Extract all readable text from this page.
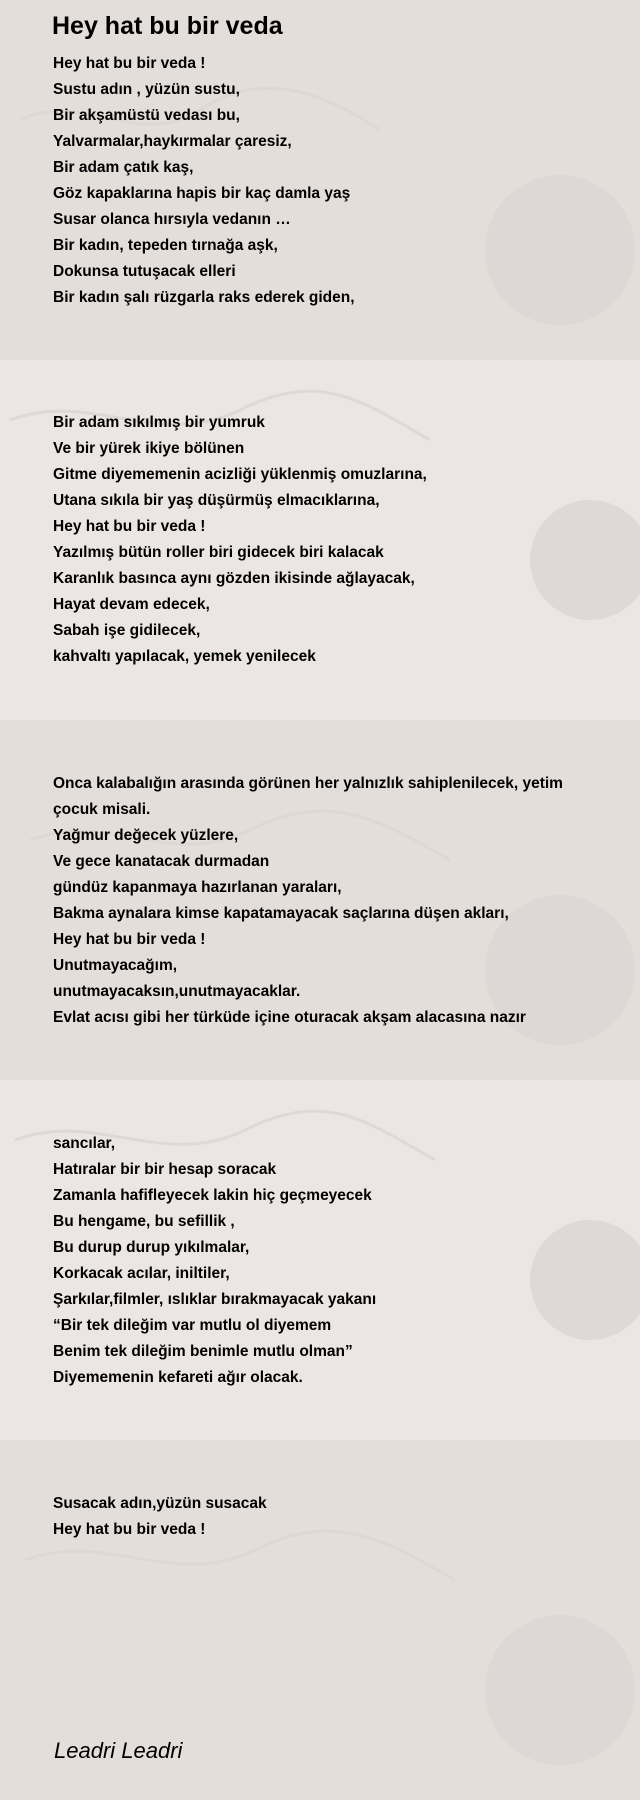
Hey hat bu bir veda
Hey hat bu bir veda !
Sustu adın , yüzün sustu,
Bir akşamüstü vedası bu,
Yalvarmalar,haykırmalar çaresiz,
Bir adam çatık kaş,
Göz kapaklarına hapis bir kaç damla yaş
Susar olanca hırsıyla vedanın …
Bir kadın, tepeden tırnağa aşk,
Dokunsa tutuşacak elleri
Bir kadın şalı rüzgarla raks ederek giden,
Bir adam sıkılmış bir yumruk
Ve bir yürek ikiye bölünen
Gitme diyememenin acizliği yüklenmiş omuzlarına,
Utana sıkıla bir yaş düşürmüş elmacıklarına,
Hey hat bu bir veda !
Yazılmış bütün roller biri gidecek biri kalacak
Karanlık basınca aynı gözden ikisinde ağlayacak,
Hayat devam edecek,
Sabah işe gidilecek,
kahvaltı yapılacak, yemek yenilecek
Onca kalabalığın arasında görünen her yalnızlık sahiplenilecek, yetim çocuk misali.
Yağmur değecek yüzlere,
Ve gece kanatacak durmadan
gündüz kapanmaya hazırlanan yaraları,
Bakma aynalara kimse kapatamayacak saçlarına düşen akları,
Hey hat bu bir veda !
Unutmayacağım,
unutmayacaksın,unutmayacaklar.
Evlat acısı gibi her türküde içine oturacak akşam alacasına nazır
sancılar,
Hatıralar bir bir hesap soracak
Zamanla hafifleyecek lakin hiç geçmeyecek
Bu hengame, bu sefillik ,
Bu durup durup yıkılmalar,
Korkacak acılar, iniltiler,
Şarkılar,filmler, ıslıklar bırakmayacak yakanı
“Bir tek dileğim var mutlu ol diyemem
Benim tek dileğim benimle mutlu olman”
Diyememenin kefareti ağır olacak.
Susacak adın,yüzün susacak
Hey hat bu bir veda !
Leadri Leadri
